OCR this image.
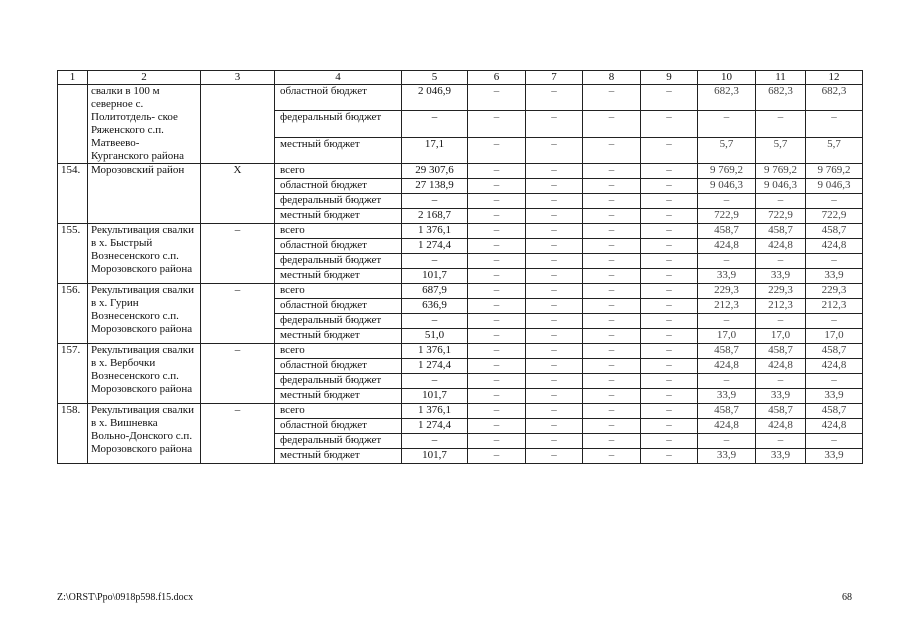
1	2	3	4	5	6	7	8	9	10	11	12
	свалки в 100 м северное с. Политотдель- ское Ряженского с.п. Матвеево- Курганского района		областной бюджет	2 046,9	–	–	–	–	682,3	682,3	682,3
			федеральный бюджет	–	–	–	–	–	–	–	–
			местный бюджет	17,1	–	–	–	–	5,7	5,7	5,7
154.	Морозовский район	Х	всего	29 307,6	–	–	–	–	9 769,2	9 769,2	9 769,2
			областной бюджет	27 138,9	–	–	–	–	9 046,3	9 046,3	9 046,3
			федеральный бюджет	–	–	–	–	–	–	–	–
			местный бюджет	2 168,7	–	–	–	–	722,9	722,9	722,9
155.	Рекультивация свалки в х. Быстрый Вознесенского с.п. Морозовского района	–	всего	1 376,1	–	–	–	–	458,7	458,7	458,7
			областной бюджет	1 274,4	–	–	–	–	424,8	424,8	424,8
			федеральный бюджет	–	–	–	–	–	–	–	–
			местный бюджет	101,7	–	–	–	–	33,9	33,9	33,9
156.	Рекультивация свалки в х. Гурин Вознесенского с.п. Морозовского района	–	всего	687,9	–	–	–	–	229,3	229,3	229,3
			областной бюджет	636,9	–	–	–	–	212,3	212,3	212,3
			федеральный бюджет	–	–	–	–	–	–	–	–
			местный бюджет	51,0	–	–	–	–	17,0	17,0	17,0
157.	Рекультивация свалки в х. Вербочки Вознесенского с.п. Морозовского района	–	всего	1 376,1	–	–	–	–	458,7	458,7	458,7
			областной бюджет	1 274,4	–	–	–	–	424,8	424,8	424,8
			федеральный бюджет	–	–	–	–	–	–	–	–
			местный бюджет	101,7	–	–	–	–	33,9	33,9	33,9
158.	Рекультивация свалки в х. Вишневка Вольно-Донского с.п. Морозовского района	–	всего	1 376,1	–	–	–	–	458,7	458,7	458,7
			областной бюджет	1 274,4	–	–	–	–	424,8	424,8	424,8
			федеральный бюджет	–	–	–	–	–	–	–	–
			местный бюджет	101,7	–	–	–	–	33,9	33,9	33,9
Z:\ORST\Ppo\0918p598.f15.docx	68
